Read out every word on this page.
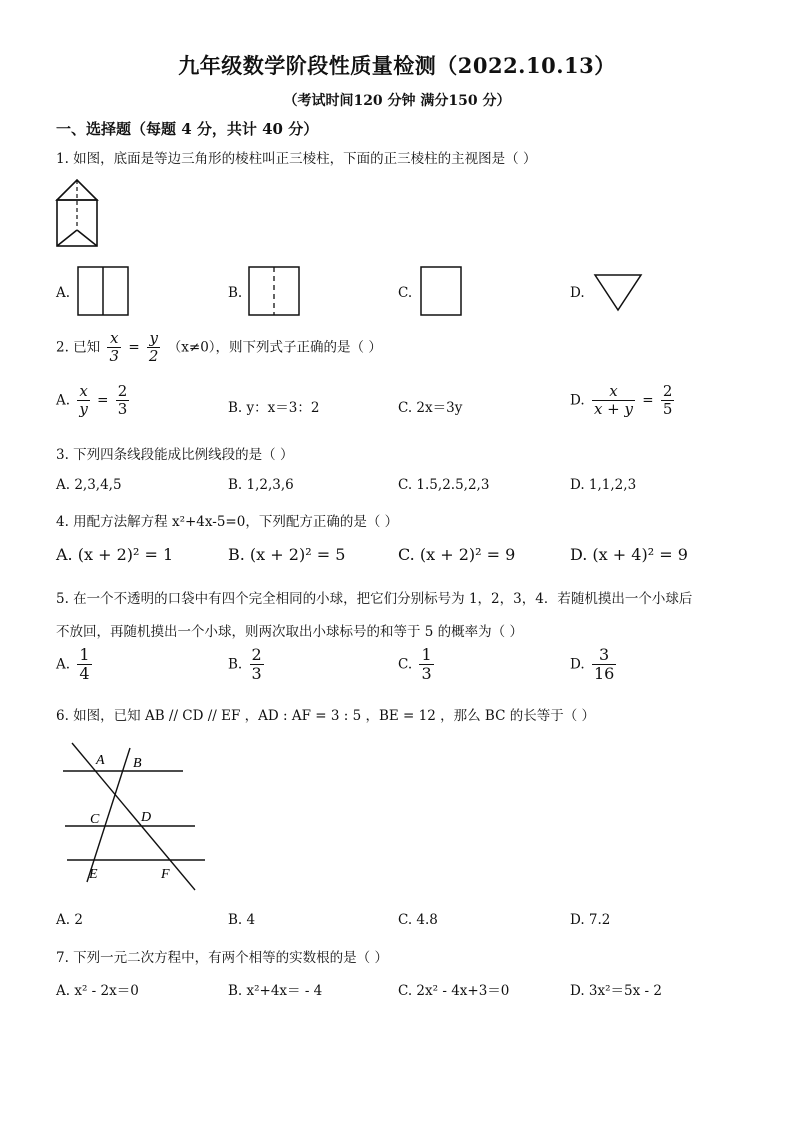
九年级数学阶段性质量检测（2022.10.13）
（考试时间120 分钟 满分150 分）
一、选择题（每题 4 分，共计 40 分）
1. 如图，底面是等边三角形的棱柱叫正三棱柱，下面的正三棱柱的主视图是（ ）
A.	B.	C.	D.
2. 已知 $\frac{x}{3} = \frac{y}{2} (x\ne 0)$，则下列式子正确的是（ ）
A. $\frac{x}{y} = \frac{2}{3}$	B. y：x＝3：2	C. 2x＝3y	D. $\frac{x}{x + y} = \frac{2}{5}$
3. 下列四条线段能成比例线段的是（ ）
A. 2,3,4,5	B. 1,2,3,6	C. 1.5,2.5,2,3	D. 1,1,2,3
4. 用配方法解方程 x²+4x-5=0，下列配方正确的是（ ）
A. (x + 2)² = 1	B. (x + 2)² = 5	C. (x + 2)² = 9	D. (x + 4)² = 9
5. 在一个不透明的口袋中有四个完全相同的小球，把它们分别标号为 1，2，3，4．若随机摸出一个小球后
不放回，再随机摸出一个小球，则两次取出小球标号的和等于 5 的概率为（ ）
A. $\frac{1}{4}$	B. $\frac{2}{3}$	C. $\frac{1}{3}$	D. $\frac{3}{16}$
6. 如图，已知 AB // CD // EF ，AD : AF = 3 : 5 ，BE = 12 ，那么 BC 的长等于（ ）
A B
C	D
E	F
A. 2	B. 4	C. 4.8	D. 7.2
7. 下列一元二次方程中，有两个相等的实数根的是（ ）
A. x² - 2x＝0	B. x²+4x＝ - 4	C. 2x² - 4x+3＝0	D. 3x²＝5x - 2
